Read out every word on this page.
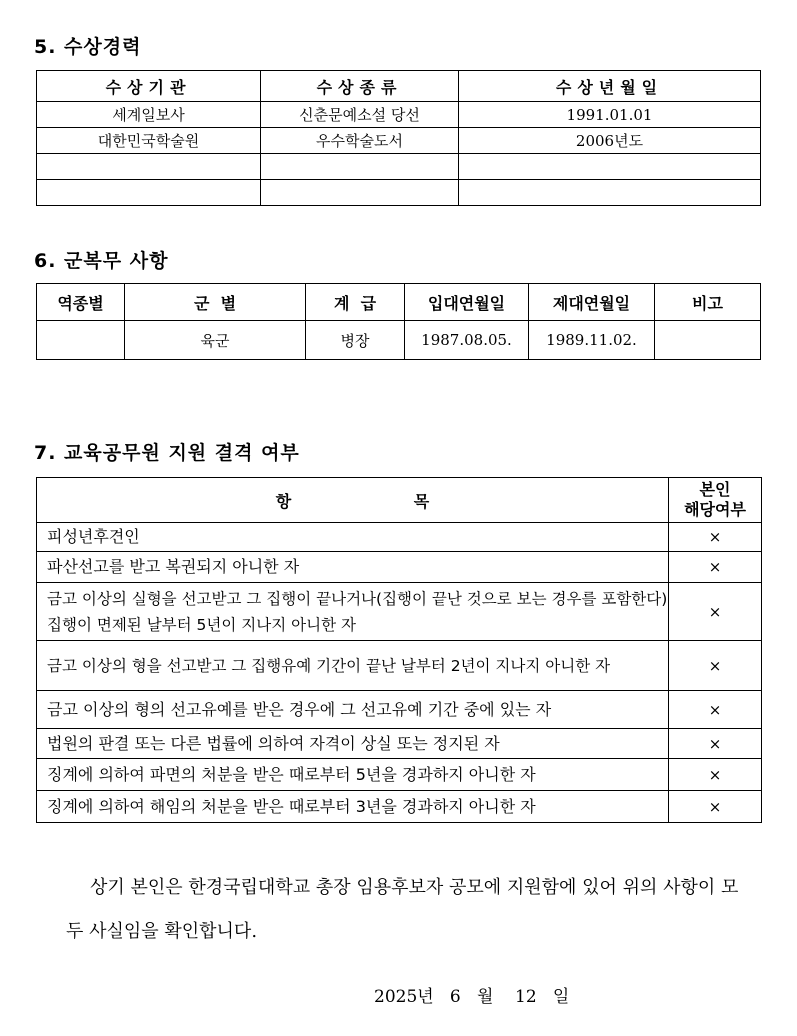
5. 수상경력
수상기관	수상종류	수상년월일
세계일보사	신춘문예소설 당선	1991.01.01
대한민국학술원	우수학술도서	2006년도

6. 군복무 사항
역종별	군  별	계  급	입대연월일	제대연월일	비고
	육군	병장	1987.08.05.	1989.11.02.	
7. 교육공무원 지원 결격 여부
항                      목	본인
해당여부

피성년후견인	×
파산선고를 받고 복권되지 아니한 자	×
금고 이상의 실형을 선고받고 그 집행이 끝나거나(집행이 끝난 것으로 보는 경우를 포함한다) 집행이 면제된 날부터 5년이 지나지 아니한 자	×
금고 이상의 형을 선고받고 그 집행유예 기간이 끝난 날부터 2년이 지나지 아니한 자	×
금고 이상의 형의 선고유예를 받은 경우에 그 선고유예 기간 중에 있는 자	×
법원의 판결 또는 다른 법률에 의하여 자격이 상실 또는 정지된 자	×
징계에 의하여 파면의 처분을 받은 때로부터 5년을 경과하지 아니한 자	×
징계에 의하여 해임의 처분을 받은 때로부터 3년을 경과하지 아니한 자	×
상기 본인은 한경국립대학교 총장 임용후보자 공모에 지원함에 있어 위의 사항이 모두 사실임을 확인합니다.
2025년 6 월 12 일
